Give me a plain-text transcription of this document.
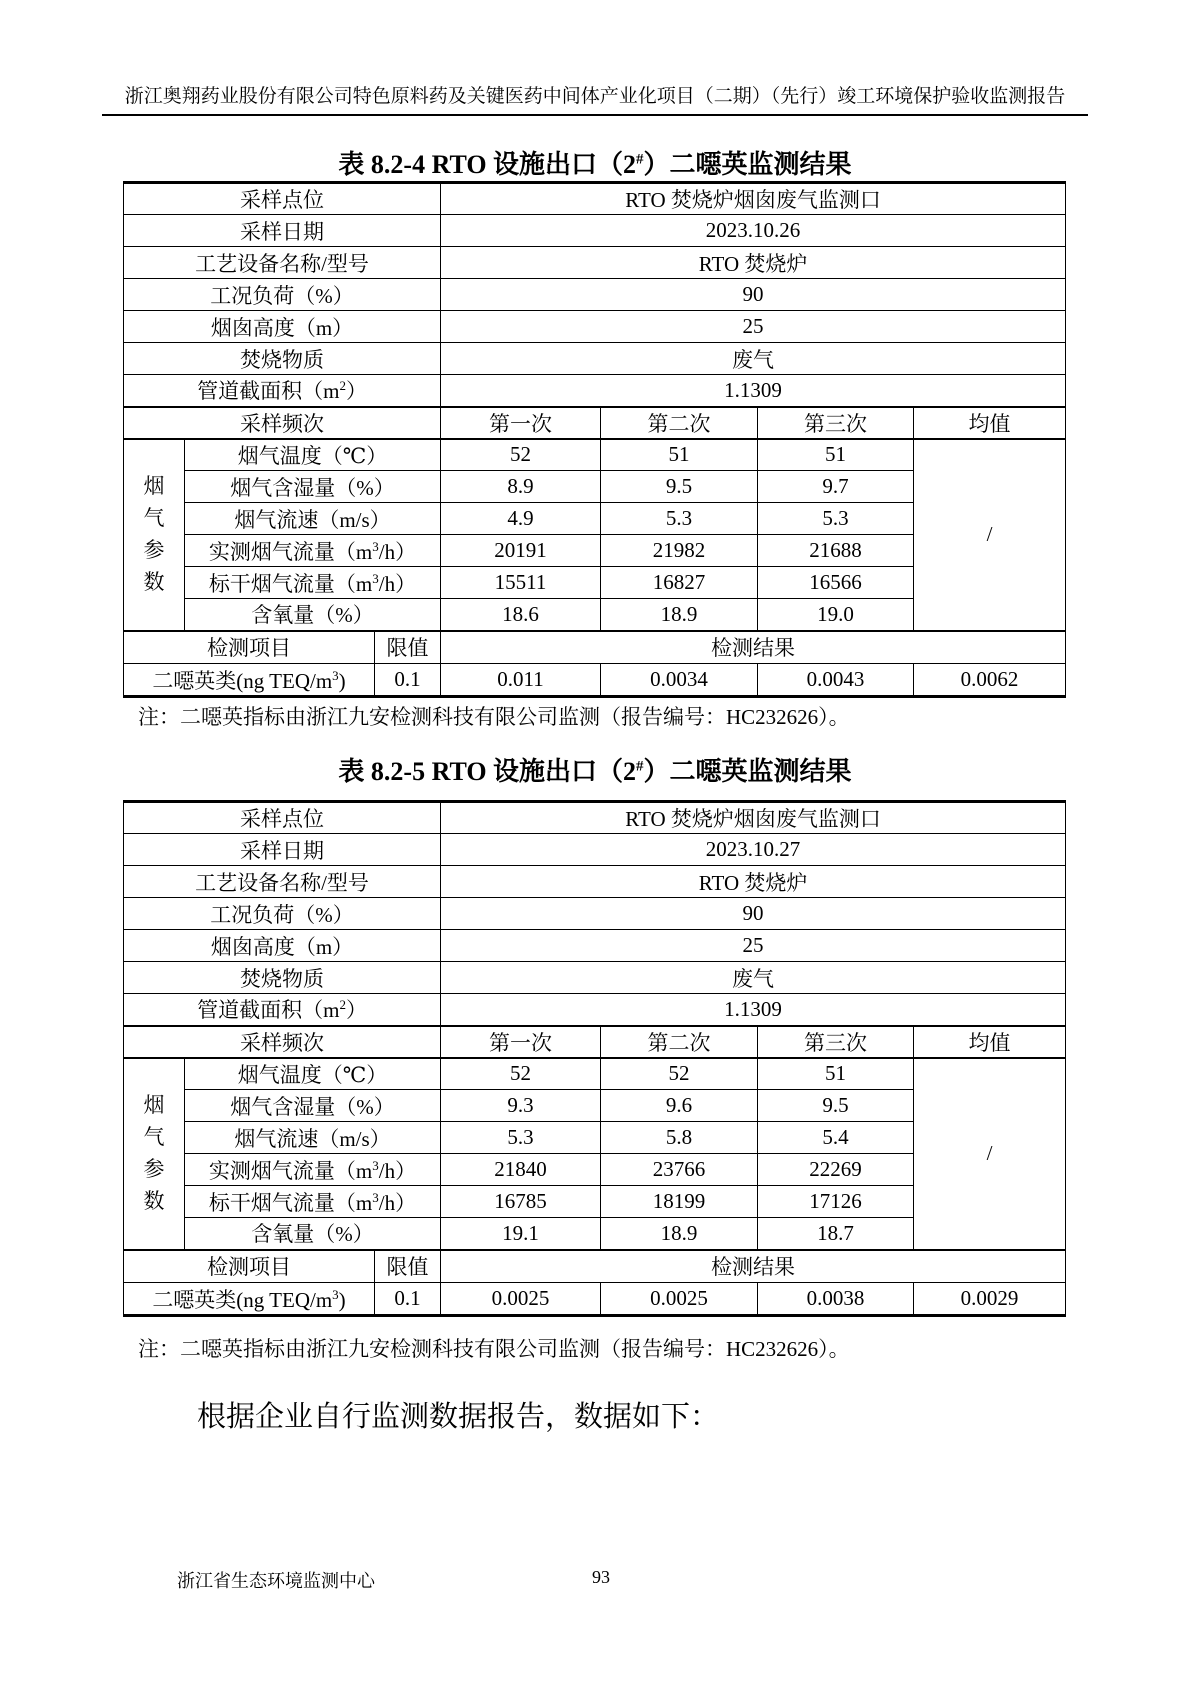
浙江奥翔药业股份有限公司特色原料药及关键医药中间体产业化项目（二期）（先行）竣工环境保护验收监测报告
表 8.2-4 RTO 设施出口（2#）二噁英监测结果
采样点位			RTO 焚烧炉烟囱废气监测口			
采样日期			2023.10.26			
工艺设备名称/型号			RTO 焚烧炉			
工况负荷（%）			90			
烟囱高度（m）			25			
焚烧物质			废气			
管道截面积$(m^2)$			1.1309			
采样频次			第一次	第二次	第三次	均值

烟
气
参
数	烟气温度（℃）		52	51	51	/
	烟气含湿量（%）		8.9	9.5	9.7	
	烟气流速（m/s）		4.9	5.3	5.3	
	实测烟气流量$(m^3/h)$		20191	21982	21688	
	标干烟气流量$(m^3/h)$		15511	16827	16566	
	含氧量（%）		18.6	18.9	19.0	
检测项目		限值	检测结果			
二噁英类(ng TEQ/$m^3$)		0.1	0.011	0.0034	0.0043	0.0062
注：二噁英指标由浙江九安检测科技有限公司监测（报告编号：HC232626）。
表 8.2-5 RTO 设施出口（2#）二噁英监测结果
采样点位			RTO 焚烧炉烟囱废气监测口			
采样日期			2023.10.27			
工艺设备名称/型号			RTO 焚烧炉			
工况负荷（%）			90			
烟囱高度（m）			25			
焚烧物质			废气			
管道截面积$(m^2)$			1.1309			
采样频次			第一次	第二次	第三次	均值

烟
气
参
数	烟气温度（℃）		52	52	51	/
	烟气含湿量（%）		9.3	9.6	9.5	
	烟气流速（m/s）		5.3	5.8	5.4	
	实测烟气流量$(m^3/h)$		21840	23766	22269	
	标干烟气流量$(m^3/h)$		16785	18199	17126	
	含氧量（%）		19.1	18.9	18.7	
检测项目		限值	检测结果			
二噁英类(ng TEQ/$m^3$)		0.1	0.0025	0.0025	0.0038	0.0029
注：二噁英指标由浙江九安检测科技有限公司监测（报告编号：HC232626）。
根据企业自行监测数据报告，数据如下：
浙江省生态环境监测中心	93
